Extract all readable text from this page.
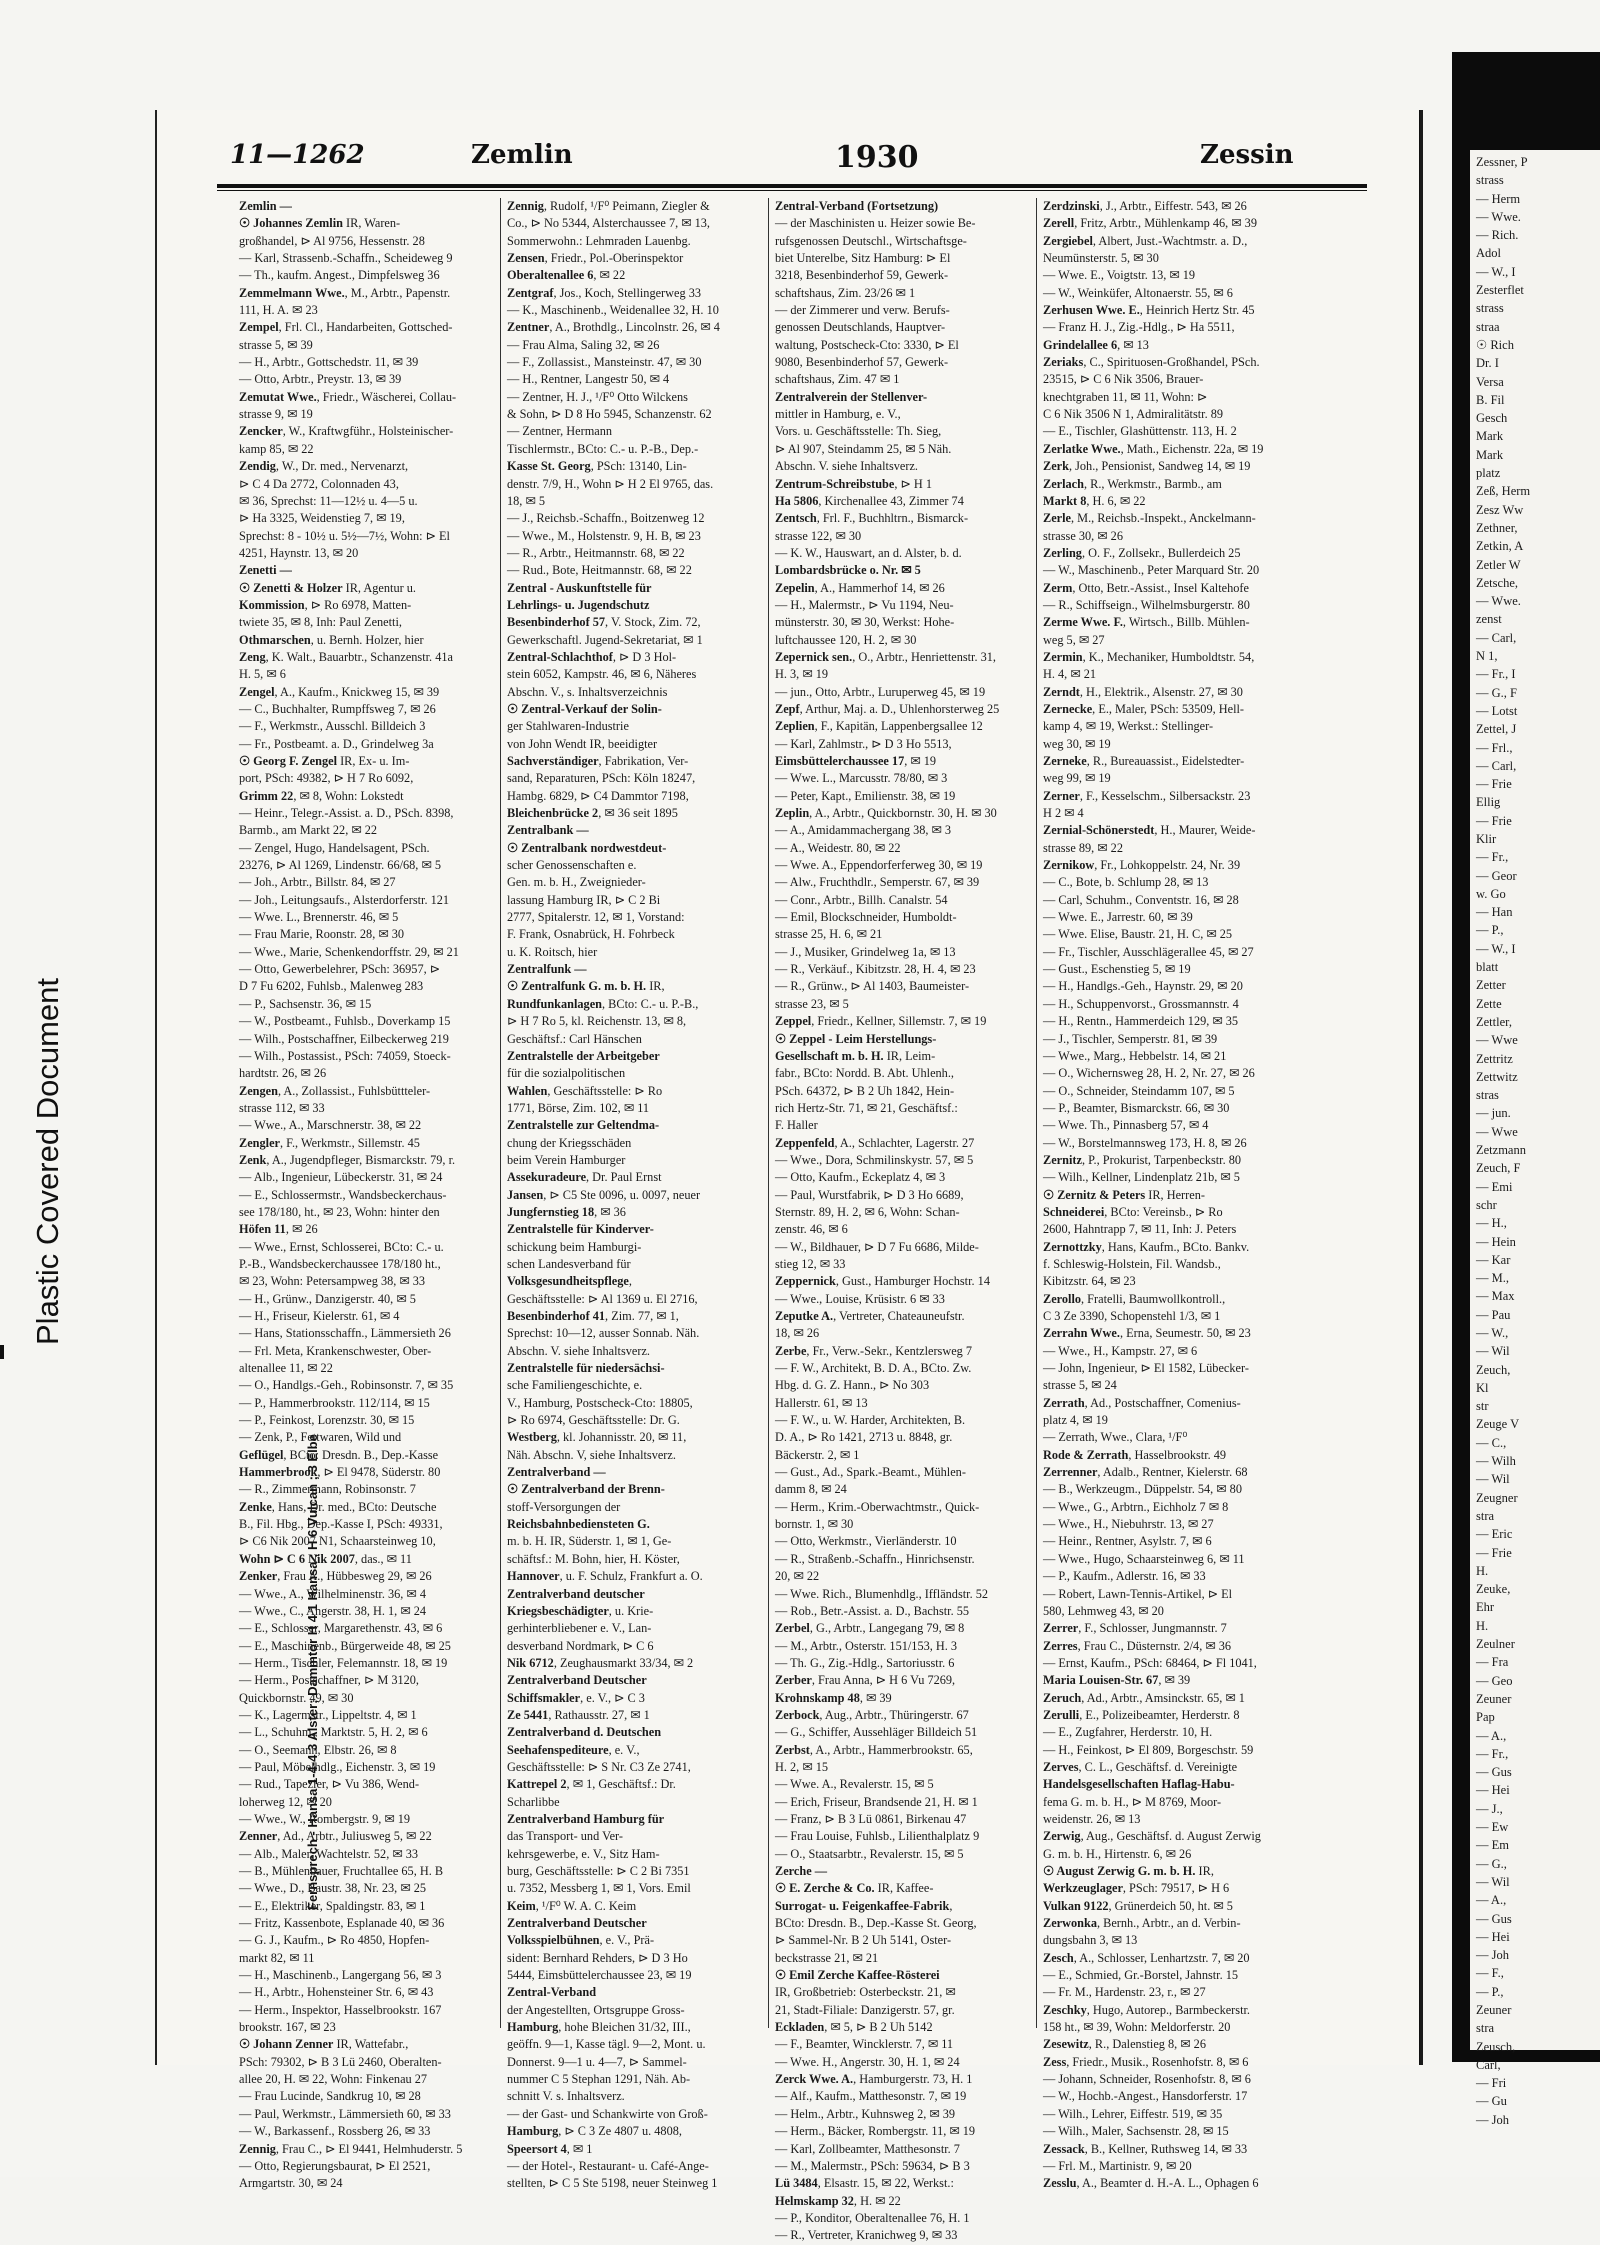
Zessner, P
strass
— Herm
— Wwe.
— Rich.
Adol
— W., I
Zesterflet
strass
straa
☉ Rich
Dr. I
Versa
B. Fil
Gesch
Mark
Mark
platz
Zeß, Herm
Zesz Ww
Zethner,
Zetkin, A
Zetler W
Zetsche,
— Wwe.
zenst
— Carl,
N 1,
— Fr., I
— G., F
— Lotst
Zettel, J
— Frl.,
— Carl,
— Frie
Ellig
— Frie
Klir
— Fr.,
— Geor
w. Go
— Han
— P.,
— W., I
blatt
Zetter
Zette
Zettler,
— Wwe
Zettritz
Zettwitz
stras
— jun.
— Wwe
Zetzmann
Zeuch, F
— Emi
schr
— H.,
— Hein
— Kar
— M.,
— Max
— Pau
— W.,
— Wil
Zeuch,
Kl
str
Zeuge V
— C.,
— Wilh
— Wil
Zeugner
stra
— Eric
— Frie
H.
Zeuke,
Ehr
H.
Zeulner
— Fra
— Geo
Zeuner
Pap
— A.,
— Fr.,
— Gus
— Hei
— J.,
— Ew
— Em
— G.,
— Wil
— A.,
— Gus
— Hei
— Joh
— F.,
— P.,
Zeuner
stra
Zeusch,
Carl,
— Fri
— Gu
— Joh
Plastic Covered Document
11—1262	Zemlin	1930	Zessin
Fernsprech - Hansa 1-4-4 3 Alster; Dammtor H 4 1 Hansa ; H 6 Vulcan ; 3 Elbe

Zemlin —

☉ Johannes Zemlin IR, Waren-

großhandel, ⊳ Al 9756, Hessenstr. 28

— Karl, Strassenb.-Schaffn., Scheideweg 9

— Th., kaufm. Angest., Dimpfelsweg 36

Zemmelmann Wwe., M., Arbtr., Papenstr.

111, H. A. ✉ 23

Zempel, Frl. Cl., Handarbeiten, Gottsched-

strasse 5, ✉ 39

— H., Arbtr., Gottschedstr. 11, ✉ 39

— Otto, Arbtr., Preystr. 13, ✉ 39

Zemutat Wwe., Friedr., Wäscherei, Collau-

strasse 9, ✉ 19

Zencker, W., Kraftwgführ., Holsteinischer-

kamp 85, ✉ 22

Zendig, W., Dr. med., Nervenarzt,

⊳ C 4 Da 2772, Colonnaden 43,

✉ 36, Sprechst: 11—12½ u. 4—5 u.

⊳ Ha 3325, Weidenstieg 7, ✉ 19,

Sprechst: 8 - 10½ u. 5½—7½, Wohn: ⊳ El

4251, Haynstr. 13, ✉ 20

Zenetti —

☉ Zenetti & Holzer IR, Agentur u.

Kommission, ⊳ Ro 6978, Matten-

twiete 35, ✉ 8, Inh: Paul Zenetti,

Othmarschen, u. Bernh. Holzer, hier

Zeng, K. Walt., Bauarbtr., Schanzenstr. 41a

H. 5, ✉ 6

Zengel, A., Kaufm., Knickweg 15, ✉ 39

— C., Buchhalter, Rumpffsweg 7, ✉ 26

— F., Werkmstr., Ausschl. Billdeich 3

— Fr., Postbeamt. a. D., Grindelweg 3a

☉ Georg F. Zengel IR, Ex- u. Im-

port, PSch: 49382, ⊳ H 7 Ro 6092,

Grimm 22, ✉ 8, Wohn: Lokstedt

— Heinr., Telegr.-Assist. a. D., PSch. 8398,

Barmb., am Markt 22, ✉ 22

— Zengel, Hugo, Handelsagent, PSch.

23276, ⊳ Al 1269, Lindenstr. 66/68, ✉ 5

— Joh., Arbtr., Billstr. 84, ✉ 27

— Joh., Leitungsaufs., Alsterdorferstr. 121

— Wwe. L., Brennerstr. 46, ✉ 5

— Frau Marie, Roonstr. 28, ✉ 30

— Wwe., Marie, Schenkendorffstr. 29, ✉ 21

— Otto, Gewerbelehrer, PSch: 36957, ⊳

D 7 Fu 6202, Fuhlsb., Malenweg 283

— P., Sachsenstr. 36, ✉ 15

— W., Postbeamt., Fuhlsb., Doverkamp 15

— Wilh., Postschaffner, Eilbeckerweg 219

— Wilh., Postassist., PSch: 74059, Stoeck-

hardtstr. 26, ✉ 26

Zengen, A., Zollassist., Fuhlsbüttteler-

strasse 112, ✉ 33

— Wwe., A., Marschnerstr. 38, ✉ 22

Zengler, F., Werkmstr., Sillemstr. 45

Zenk, A., Jugendpfleger, Bismarckstr. 79, r.

— Alb., Ingenieur, Lübeckerstr. 31, ✉ 24

— E., Schlossermstr., Wandsbeckerchaus-

see 178/180, ht., ✉ 23, Wohn: hinter den

Höfen 11, ✉ 26

— Wwe., Ernst, Schlosserei, BCto: C.- u.

P.-B., Wandsbeckerchaussee 178/180 ht.,

✉ 23, Wohn: Petersampweg 38, ✉ 33

— H., Grünw., Danzigerstr. 40, ✉ 5

— H., Friseur, Kielerstr. 61, ✉ 4

— Hans, Stationsschaffn., Lämmersieth 26

— Frl. Meta, Krankenschwester, Ober-

altenallee 11, ✉ 22

— O., Handlgs.-Geh., Robinsonstr. 7, ✉ 35

— P., Hammerbrookstr. 112/114, ✉ 15

— P., Feinkost, Lorenzstr. 30, ✉ 15

— Zenk, P., Fettwaren, Wild und

Geflügel, BCto: Dresdn. B., Dep.-Kasse

Hammerbrook, ⊳ El 9478, Süderstr. 80

— R., Zimmermann, Robinsonstr. 7

Zenke, Hans, Dr. med., BCto: Deutsche

B., Fil. Hbg., Dep.-Kasse I, PSch: 49331,

⊳ C6 Nik 2007 N1, Schaarsteinweg 10,

Wohn ⊳ C 6 Nik 2007, das., ✉ 11

Zenker, Frau A., Hübbesweg 29, ✉ 26

— Wwe., A., Wilhelminenstr. 36, ✉ 4

— Wwe., C., Angerstr. 38, H. 1, ✉ 24

— E., Schlosser, Margarethenstr. 43, ✉ 6

— E., Maschinenb., Bürgerweide 48, ✉ 25

— Herm., Tischler, Felemannstr. 18, ✉ 19

— Herm., Postschaffner, ⊳ M 3120,

Quickbornstr. 49, ✉ 30

— K., Lagermstr., Lippeltstr. 4, ✉ 1

— L., Schuhm., Marktstr. 5, H. 2, ✉ 6

— O., Seemann, Elbstr. 26, ✉ 8

— Paul, Möbelhdlg., Eichenstr. 3, ✉ 19

— Rud., Tapezier, ⊳ Vu 386, Wend-

loherweg 12, ✉ 20

— Wwe., W., Rombergstr. 9, ✉ 19

Zenner, Ad., Arbtr., Juliusweg 5, ✉ 22

— Alb., Maler, Wachtelstr. 52, ✉ 33

— B., Mühlenbauer, Fruchtallee 65, H. B

— Wwe., D., Baustr. 38, Nr. 23, ✉ 25

— E., Elektriker, Spaldingstr. 83, ✉ 1

— Fritz, Kassenbote, Esplanade 40, ✉ 36

— G. J., Kaufm., ⊳ Ro 4850, Hopfen-

markt 82, ✉ 11

— H., Maschinenb., Langergang 56, ✉ 3

— H., Arbtr., Hohensteiner Str. 6, ✉ 43

— Herm., Inspektor, Hasselbrookstr. 167

brookstr. 167, ✉ 23

☉ Johann Zenner IR, Wattefabr.,

PSch: 79302, ⊳ B 3 Lü 2460, Oberalten-

allee 20, H. ✉ 22, Wohn: Finkenau 27

— Frau Lucinde, Sandkrug 10, ✉ 28

— Paul, Werkmstr., Lämmersieth 60, ✉ 33

— W., Barkassenf., Rossberg 26, ✉ 33

Zennig, Frau C., ⊳ El 9441, Helmhuderstr. 5

— Otto, Regierungsbaurat, ⊳ El 2521,

Armgartstr. 30, ✉ 24

Zennig, Rudolf, ¹/F⁰ Peimann, Ziegler &

Co., ⊳ No 5344, Alsterchaussee 7, ✉ 13,

Sommerwohn.: Lehmraden Lauenbg.

Zensen, Friedr., Pol.-Oberinspektor

Oberaltenallee 6, ✉ 22

Zentgraf, Jos., Koch, Stellingerweg 33

— K., Maschinenb., Weidenallee 32, H. 10

Zentner, A., Brothdlg., Lincolnstr. 26, ✉ 4

— Frau Alma, Saling 32, ✉ 26

— F., Zollassist., Mansteinstr. 47, ✉ 30

— H., Rentner, Langestr 50, ✉ 4

— Zentner, H. J., ¹/F⁰ Otto Wilckens

& Sohn, ⊳ D 8 Ho 5945, Schanzenstr. 62

— Zentner, Hermann

Tischlermstr., BCto: C.- u. P.-B., Dep.-

Kasse St. Georg, PSch: 13140, Lin-

denstr. 7/9, H., Wohn ⊳ H 2 El 9765, das.

18, ✉ 5

— J., Reichsb.-Schaffn., Boitzenweg 12

— Wwe., M., Holstenstr. 9, H. B, ✉ 23

— R., Arbtr., Heitmannstr. 68, ✉ 22

— Rud., Bote, Heitmannstr. 68, ✉ 22

Zentral - Auskunftstelle für

Lehrlings- u. Jugendschutz

Besenbinderhof 57, V. Stock, Zim. 72,

Gewerkschaftl. Jugend-Sekretariat, ✉ 1

Zentral-Schlachthof, ⊳ D 3 Hol-

stein 6052, Kampstr. 46, ✉ 6, Näheres

Abschn. V., s. Inhaltsverzeichnis

☉ Zentral-Verkauf der Solin-

ger Stahlwaren-Industrie

von John Wendt IR, beeidigter

Sachverständiger, Fabrikation, Ver-

sand, Reparaturen, PSch: Köln 18247,

Hambg. 6829, ⊳ C4 Dammtor 7198,

Bleichenbrücke 2, ✉ 36 seit 1895

Zentralbank —

☉ Zentralbank nordwestdeut-

scher Genossenschaften e.

Gen. m. b. H., Zweignieder-

lassung Hamburg IR, ⊳ C 2 Bi

2777, Spitalerstr. 12, ✉ 1, Vorstand:

F. Frank, Osnabrück, H. Fohrbeck

u. K. Roitsch, hier

Zentralfunk —

☉ Zentralfunk G. m. b. H. IR,

Rundfunkanlagen, BCto: C.- u. P.-B.,

⊳ H 7 Ro 5, kl. Reichenstr. 13, ✉ 8,

Geschäftsf.: Carl Hänschen

Zentralstelle der Arbeitgeber

für die sozialpolitischen

Wahlen, Geschäftsstelle: ⊳ Ro

1771, Börse, Zim. 102, ✉ 11

Zentralstelle zur Geltendma-

chung der Kriegsschäden

beim Verein Hamburger

Assekuradeure, Dr. Paul Ernst

Jansen, ⊳ C5 Ste 0096, u. 0097, neuer

Jungfernstieg 18, ✉ 36

Zentralstelle für Kinderver-

schickung beim Hamburgi-

schen Landesverband für

Volksgesundheitspflege,

Geschäftsstelle: ⊳ Al 1369 u. El 2716,

Besenbinderhof 41, Zim. 77, ✉ 1,

Sprechst: 10—12, ausser Sonnab. Näh.

Abschn. V. siehe Inhaltsverz.

Zentralstelle für niedersächsi-

sche Familiengeschichte, e.

V., Hamburg, Postscheck-Cto: 18805,

⊳ Ro 6974, Geschäftsstelle: Dr. G.

Westberg, kl. Johannisstr. 20, ✉ 11,

Näh. Abschn. V, siehe Inhaltsverz.

Zentralverband —

☉ Zentralverband der Brenn-

stoff-Versorgungen der

Reichsbahnbediensteten G.

m. b. H. IR, Süderstr. 1, ✉ 1, Ge-

schäftsf.: M. Bohn, hier, H. Köster,

Hannover, u. F. Schulz, Frankfurt a. O.

Zentralverband deutscher

Kriegsbeschädigter, u. Krie-

gerhinterbliebener e. V., Lan-

desverband Nordmark, ⊳ C 6

Nik 6712, Zeughausmarkt 33/34, ✉ 2

Zentralverband Deutscher

Schiffsmakler, e. V., ⊳ C 3

Ze 5441, Rathausstr. 27, ✉ 1

Zentralverband d. Deutschen

Seehafenspediteure, e. V.,

Geschäftsstelle: ⊳ S Nr. C3 Ze 2741,

Kattrepel 2, ✉ 1, Geschäftsf.: Dr.

Scharlibbe

Zentralverband Hamburg für

das Transport- und Ver-

kehrsgewerbe, e. V., Sitz Ham-

burg, Geschäftsstelle: ⊳ C 2 Bi 7351

u. 7352, Messberg 1, ✉ 1, Vors. Emil

Keim, ¹/F⁰ W. A. C. Keim

Zentralverband Deutscher

Volksspielbühnen, e. V., Prä-

sident: Bernhard Rehders, ⊳ D 3 Ho

5444, Eimsbüttelerchaussee 23, ✉ 19

Zentral-Verband

der Angestellten, Ortsgruppe Gross-

Hamburg, hohe Bleichen 31/32, III.,

geöffn. 9—1, Kasse tägl. 9—2, Mont. u.

Donnerst. 9—1 u. 4—7, ⊳ Sammel-

nummer C 5 Stephan 1291, Näh. Ab-

schnitt V. s. Inhaltsverz.

— der Gast- und Schankwirte von Groß-

Hamburg, ⊳ C 3 Ze 4807 u. 4808,

Speersort 4, ✉ 1

— der Hotel-, Restaurant- u. Café-Ange-

stellten, ⊳ C 5 Ste 5198, neuer Steinweg 1

Zentral-Verband (Fortsetzung)

— der Maschinisten u. Heizer sowie Be-

rufsgenossen Deutschl., Wirtschaftsge-

biet Unterelbe, Sitz Hamburg: ⊳ El

3218, Besenbinderhof 59, Gewerk-

schaftshaus, Zim. 23/26 ✉ 1

— der Zimmerer und verw. Berufs-

genossen Deutschlands, Hauptver-

waltung, Postscheck-Cto: 3330, ⊳ El

9080, Besenbinderhof 57, Gewerk-

schaftshaus, Zim. 47 ✉ 1

Zentralverein der Stellenver-

mittler in Hamburg, e. V.,

Vors. u. Geschäftsstelle: Th. Sieg,

⊳ Al 907, Steindamm 25, ✉ 5 Näh.

Abschn. V. siehe Inhaltsverz.

Zentrum-Schreibstube, ⊳ H 1

Ha 5806, Kirchenallee 43, Zimmer 74

Zentsch, Frl. F., Buchhltrn., Bismarck-

strasse 122, ✉ 30

— K. W., Hauswart, an d. Alster, b. d.

Lombardsbrücke o. Nr. ✉ 5

Zepelin, A., Hammerhof 14, ✉ 26

— H., Malermstr., ⊳ Vu 1194, Neu-

münsterstr. 30, ✉ 30, Werkst: Hohe-

luftchaussee 120, H. 2, ✉ 30

Zepernick sen., O., Arbtr., Henriettenstr. 31,

H. 3, ✉ 19

— jun., Otto, Arbtr., Luruperweg 45, ✉ 19

Zepf, Arthur, Maj. a. D., Uhlenhorsterweg 25

Zeplien, F., Kapitän, Lappenbergsallee 12

— Karl, Zahlmstr., ⊳ D 3 Ho 5513,

Eimsbüttelerchaussee 17, ✉ 19

— Wwe. L., Marcusstr. 78/80, ✉ 3

— Peter, Kapt., Emilienstr. 38, ✉ 19

Zeplin, A., Arbtr., Quickbornstr. 30, H. ✉ 30

— A., Amidammachergang 38, ✉ 3

— A., Weidestr. 80, ✉ 22

— Wwe. A., Eppendorferferweg 30, ✉ 19

— Alw., Fruchthdlr., Semperstr. 67, ✉ 39

— Conr., Arbtr., Billh. Canalstr. 54

— Emil, Blockschneider, Humboldt-

strasse 25, H. 6, ✉ 21

— J., Musiker, Grindelweg 1a, ✉ 13

— R., Verkäuf., Kibitzstr. 28, H. 4, ✉ 23

— R., Grünw., ⊳ Al 1403, Baumeister-

strasse 23, ✉ 5

Zeppel, Friedr., Kellner, Sillemstr. 7, ✉ 19

☉ Zeppel - Leim Herstellungs-

Gesellschaft m. b. H. IR, Leim-

fabr., BCto: Nordd. B. Abt. Uhlenh.,

PSch. 64372, ⊳ B 2 Uh 1842, Hein-

rich Hertz-Str. 71, ✉ 21, Geschäftsf.:

F. Haller

Zeppenfeld, A., Schlachter, Lagerstr. 27

— Wwe., Dora, Schmilinskystr. 57, ✉ 5

— Otto, Kaufm., Eckeplatz 4, ✉ 3

— Paul, Wurstfabrik, ⊳ D 3 Ho 6689,

Sternstr. 89, H. 2, ✉ 6, Wohn: Schan-

zenstr. 46, ✉ 6

— W., Bildhauer, ⊳ D 7 Fu 6686, Milde-

stieg 12, ✉ 33

Zeppernick, Gust., Hamburger Hochstr. 14

— Wwe., Louise, Krüsistr. 6 ✉ 33

Zeputke A., Vertreter, Chateauneufstr.

18, ✉ 26

Zerbe, Fr., Verw.-Sekr., Kentzlersweg 7

— F. W., Architekt, B. D. A., BCto. Zw.

Hbg. d. G. Z. Hann., ⊳ No 303

Hallerstr. 61, ✉ 13

— F. W., u. W. Harder, Architekten, B.

D. A., ⊳ Ro 1421, 2713 u. 8848, gr.

Bäckerstr. 2, ✉ 1

— Gust., Ad., Spark.-Beamt., Mühlen-

damm 8, ✉ 24

— Herm., Krim.-Oberwachtmstr., Quick-

bornstr. 1, ✉ 30

— Otto, Werkmstr., Vierländerstr. 10

— R., Straßenb.-Schaffn., Hinrichsenstr.

20, ✉ 22

— Wwe. Rich., Blumenhdlg., Iffländstr. 52

— Rob., Betr.-Assist. a. D., Bachstr. 55

Zerbel, G., Arbtr., Langegang 79, ✉ 8

— M., Arbtr., Osterstr. 151/153, H. 3

— Th. G., Zig.-Hdlg., Sartoriusstr. 6

Zerber, Frau Anna, ⊳ H 6 Vu 7269,

Krohnskamp 48, ✉ 39

Zerbock, Aug., Arbtr., Thüringerstr. 67

— G., Schiffer, Aussehläger Billdeich 51

Zerbst, A., Arbtr., Hammerbrookstr. 65,

H. 2, ✉ 15

— Wwe. A., Revalerstr. 15, ✉ 5

— Erich, Friseur, Brandsende 21, H. ✉ 1

— Franz, ⊳ B 3 Lü 0861, Birkenau 47

— Frau Louise, Fuhlsb., Lilienthalplatz 9

— O., Staatsarbtr., Revalerstr. 15, ✉ 5

Zerche —

☉ E. Zerche & Co. IR, Kaffee-

Surrogat- u. Feigenkaffee-Fabrik,

BCto: Dresdn. B., Dep.-Kasse St. Georg,

⊳ Sammel-Nr. B 2 Uh 5141, Oster-

beckstrasse 21, ✉ 21

☉ Emil Zerche Kaffee-Rösterei

IR, Großbetrieb: Osterbeckstr. 21, ✉

21, Stadt-Filiale: Danzigerstr. 57, gr.

Eckladen, ✉ 5, ⊳ B 2 Uh 5142

— F., Beamter, Wincklerstr. 7, ✉ 11

— Wwe. H., Angerstr. 30, H. 1, ✉ 24

Zerck Wwe. A., Hamburgerstr. 73, H. 1

— Alf., Kaufm., Matthesonstr. 7, ✉ 19

— Helm., Arbtr., Kuhnsweg 2, ✉ 39

— Herm., Bäcker, Rombergstr. 11, ✉ 19

— Karl, Zollbeamter, Matthesonstr. 7

— M., Malermstr., PSch: 59634, ⊳ B 3

Lü 3484, Elsastr. 15, ✉ 22, Werkst.:

Helmskamp 32, H. ✉ 22

— P., Konditor, Oberaltenallee 76, H. 1

— R., Vertreter, Kranichweg 9, ✉ 33

Zerdzinski, J., Arbtr., Eiffestr. 543, ✉ 26

Zerell, Fritz, Arbtr., Mühlenkamp 46, ✉ 39

Zergiebel, Albert, Just.-Wachtmstr. a. D.,

Neumünsterstr. 5, ✉ 30

— Wwe. E., Voigtstr. 13, ✉ 19

— W., Weinküfer, Altonaerstr. 55, ✉ 6

Zerhusen Wwe. E., Heinrich Hertz Str. 45

— Franz H. J., Zig.-Hdlg., ⊳ Ha 5511,

Grindelallee 6, ✉ 13

Zeriaks, C., Spirituosen-Großhandel, PSch.

23515, ⊳ C 6 Nik 3506, Brauer-

knechtgraben 11, ✉ 11, Wohn: ⊳

C 6 Nik 3506 N 1, Admiralitätstr. 89

— E., Tischler, Glashüttenstr. 113, H. 2

Zerlatke Wwe., Math., Eichenstr. 22a, ✉ 19

Zerk, Joh., Pensionist, Sandweg 14, ✉ 19

Zerlach, R., Werkmstr., Barmb., am

Markt 8, H. 6, ✉ 22

Zerle, M., Reichsb.-Inspekt., Anckelmann-

strasse 30, ✉ 26

Zerling, O. F., Zollsekr., Bullerdeich 25

— W., Maschinenb., Peter Marquard Str. 20

Zerm, Otto, Betr.-Assist., Insel Kaltehofe

— R., Schiffseign., Wilhelmsburgerstr. 80

Zerme Wwe. F., Wirtsch., Billb. Mühlen-

weg 5, ✉ 27

Zermin, K., Mechaniker, Humboldtstr. 54,

H. 4, ✉ 21

Zerndt, H., Elektrik., Alsenstr. 27, ✉ 30

Zernecke, E., Maler, PSch: 53509, Hell-

kamp 4, ✉ 19, Werkst.: Stellinger-

weg 30, ✉ 19

Zerneke, R., Bureauassist., Eidelstedter-

weg 99, ✉ 19

Zerner, F., Kesselschm., Silbersackstr. 23

H 2 ✉ 4

Zernial-Schönerstedt, H., Maurer, Weide-

strasse 89, ✉ 22

Zernikow, Fr., Lohkoppelstr. 24, Nr. 39

— C., Bote, b. Schlump 28, ✉ 13

— Carl, Schuhm., Conventstr. 16, ✉ 28

— Wwe. E., Jarrestr. 60, ✉ 39

— Wwe. Elise, Baustr. 21, H. C, ✉ 25

— Fr., Tischler, Ausschlägerallee 45, ✉ 27

— Gust., Eschenstieg 5, ✉ 19

— H., Handlgs.-Geh., Haynstr. 29, ✉ 20

— H., Schuppenvorst., Grossmannstr. 4

— H., Rentn., Hammerdeich 129, ✉ 35

— J., Tischler, Semperstr. 81, ✉ 39

— Wwe., Marg., Hebbelstr. 14, ✉ 21

— O., Wichernsweg 28, H. 2, Nr. 27, ✉ 26

— O., Schneider, Steindamm 107, ✉ 5

— P., Beamter, Bismarckstr. 66, ✉ 30

— Wwe. Th., Pinnasberg 57, ✉ 4

— W., Borstelmannsweg 173, H. 8, ✉ 26

Zernitz, P., Prokurist, Tarpenbeckstr. 80

— Wilh., Kellner, Lindenplatz 21b, ✉ 5

☉ Zernitz & Peters IR, Herren-

Schneiderei, BCto: Vereinsb., ⊳ Ro

2600, Hahntrapp 7, ✉ 11, Inh: J. Peters

Zernottzky, Hans, Kaufm., BCto. Bankv.

f. Schleswig-Holstein, Fil. Wandsb.,

Kibitzstr. 64, ✉ 23

Zerollo, Fratelli, Baumwollkontroll.,

C 3 Ze 3390, Schopenstehl 1/3, ✉ 1

Zerrahn Wwe., Erna, Seumestr. 50, ✉ 23

— Wwe., H., Kampstr. 27, ✉ 6

— John, Ingenieur, ⊳ El 1582, Lübecker-

strasse 5, ✉ 24

Zerrath, Ad., Postschaffner, Comenius-

platz 4, ✉ 19

— Zerrath, Wwe., Clara, ¹/F⁰

Rode & Zerrath, Hasselbrookstr. 49

Zerrenner, Adalb., Rentner, Kielerstr. 68

— B., Werkzeugm., Düppelstr. 54, ✉ 80

— Wwe., G., Arbtrn., Eichholz 7 ✉ 8

— Wwe., H., Niebuhrstr. 13, ✉ 27

— Heinr., Rentner, Asylstr. 7, ✉ 6

— Wwe., Hugo, Schaarsteinweg 6, ✉ 11

— P., Kaufm., Adlerstr. 16, ✉ 33

— Robert, Lawn-Tennis-Artikel, ⊳ El

580, Lehmweg 43, ✉ 20

Zerrer, F., Schlosser, Jungmannstr. 7

Zerres, Frau C., Düsternstr. 2/4, ✉ 36

— Ernst, Kaufm., PSch: 68464, ⊳ Fl 1041,

Maria Louisen-Str. 67, ✉ 39

Zeruch, Ad., Arbtr., Amsinckstr. 65, ✉ 1

Zerulli, E., Polizeibeamter, Herderstr. 8

— E., Zugfahrer, Herderstr. 10, H.

— H., Feinkost, ⊳ El 809, Borgeschstr. 59

Zerves, C. L., Geschäftsf. d. Vereinigte

Handelsgesellschaften Haflag-Habu-

fema G. m. b. H., ⊳ M 8769, Moor-

weidenstr. 26, ✉ 13

Zerwig, Aug., Geschäftsf. d. August Zerwig

G. m. b. H., Hirtenstr. 6, ✉ 26

☉ August Zerwig G. m. b. H. IR,

Werkzeuglager, PSch: 79517, ⊳ H 6

Vulkan 9122, Grünerdeich 50, ht. ✉ 5

Zerwonka, Bernh., Arbtr., an d. Verbin-

dungsbahn 3, ✉ 13

Zesch, A., Schlosser, Lenhartzstr. 7, ✉ 20

— E., Schmied, Gr.-Borstel, Jahnstr. 15

— Fr. M., Hardenstr. 23, r., ✉ 27

Zeschky, Hugo, Autorep., Barmbeckerstr.

158 ht., ✉ 39, Wohn: Meldorferstr. 20

Zesewitz, R., Dalenstieg 8, ✉ 26

Zess, Friedr., Musik., Rosenhofstr. 8, ✉ 6

— Johann, Schneider, Rosenhofstr. 8, ✉ 6

— W., Hochb.-Angest., Hansdorferstr. 17

— Wilh., Lehrer, Eiffestr. 519, ✉ 35

— Wilh., Maler, Sachsenstr. 28, ✉ 15

Zessack, B., Kellner, Ruthsweg 14, ✉ 33

— Frl. M., Martinistr. 9, ✉ 20

Zesslu, A., Beamter d. H.-A. L., Ophagen 6
